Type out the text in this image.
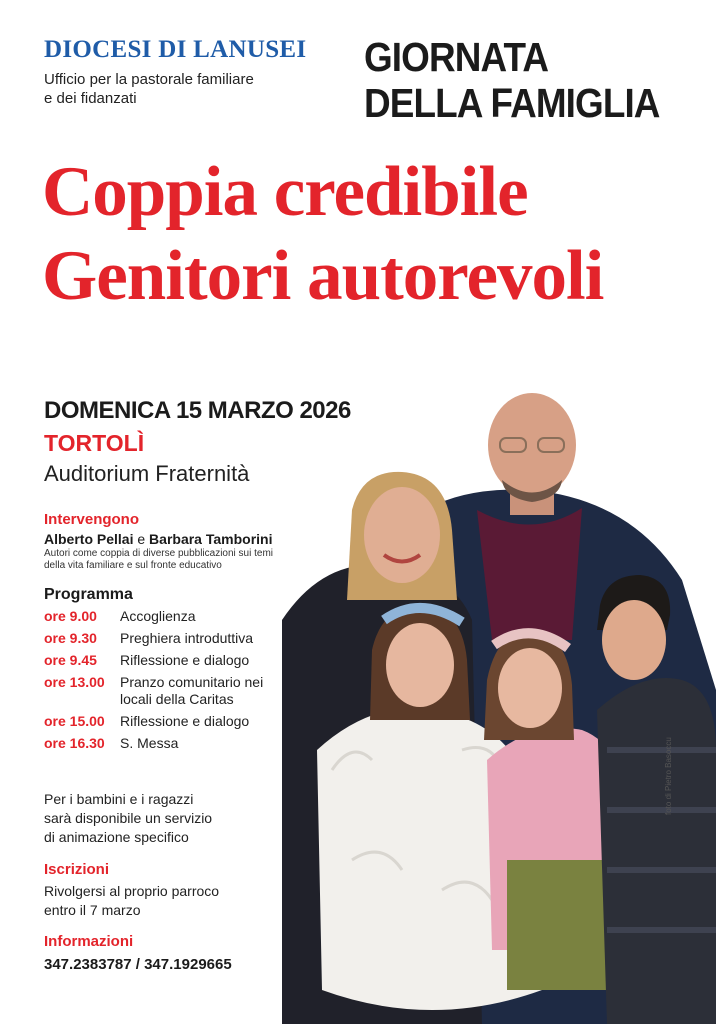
DIOCESI DI LANUSEI
Ufficio per la pastorale familiare
e dei fidanzati
GIORNATA
DELLA FAMIGLIA
Coppia credibile
Genitori autorevoli
DOMENICA 15 MARZO 2026
TORTOLÌ
Auditorium Fraternità
Intervengono
Alberto Pellai e Barbara Tamborini
Autori come coppia di diverse pubblicazioni sui temi
della vita familiare e sul fronte educativo
Programma
ore 9.00	Accoglienza
ore 9.30	Preghiera introduttiva
ore 9.45	Riflessione e dialogo
ore 13.00	Pranzo comunitario nei locali della Caritas
ore 15.00	Riflessione e dialogo
ore 16.30	S. Messa
Per i bambini e i ragazzi
sarà disponibile un servizio
di animazione specifico
Iscrizioni
Rivolgersi al proprio parroco
entro il 7 marzo
Informazioni
347.2383787 / 347.1929665
foto di Pietro Basoccu
